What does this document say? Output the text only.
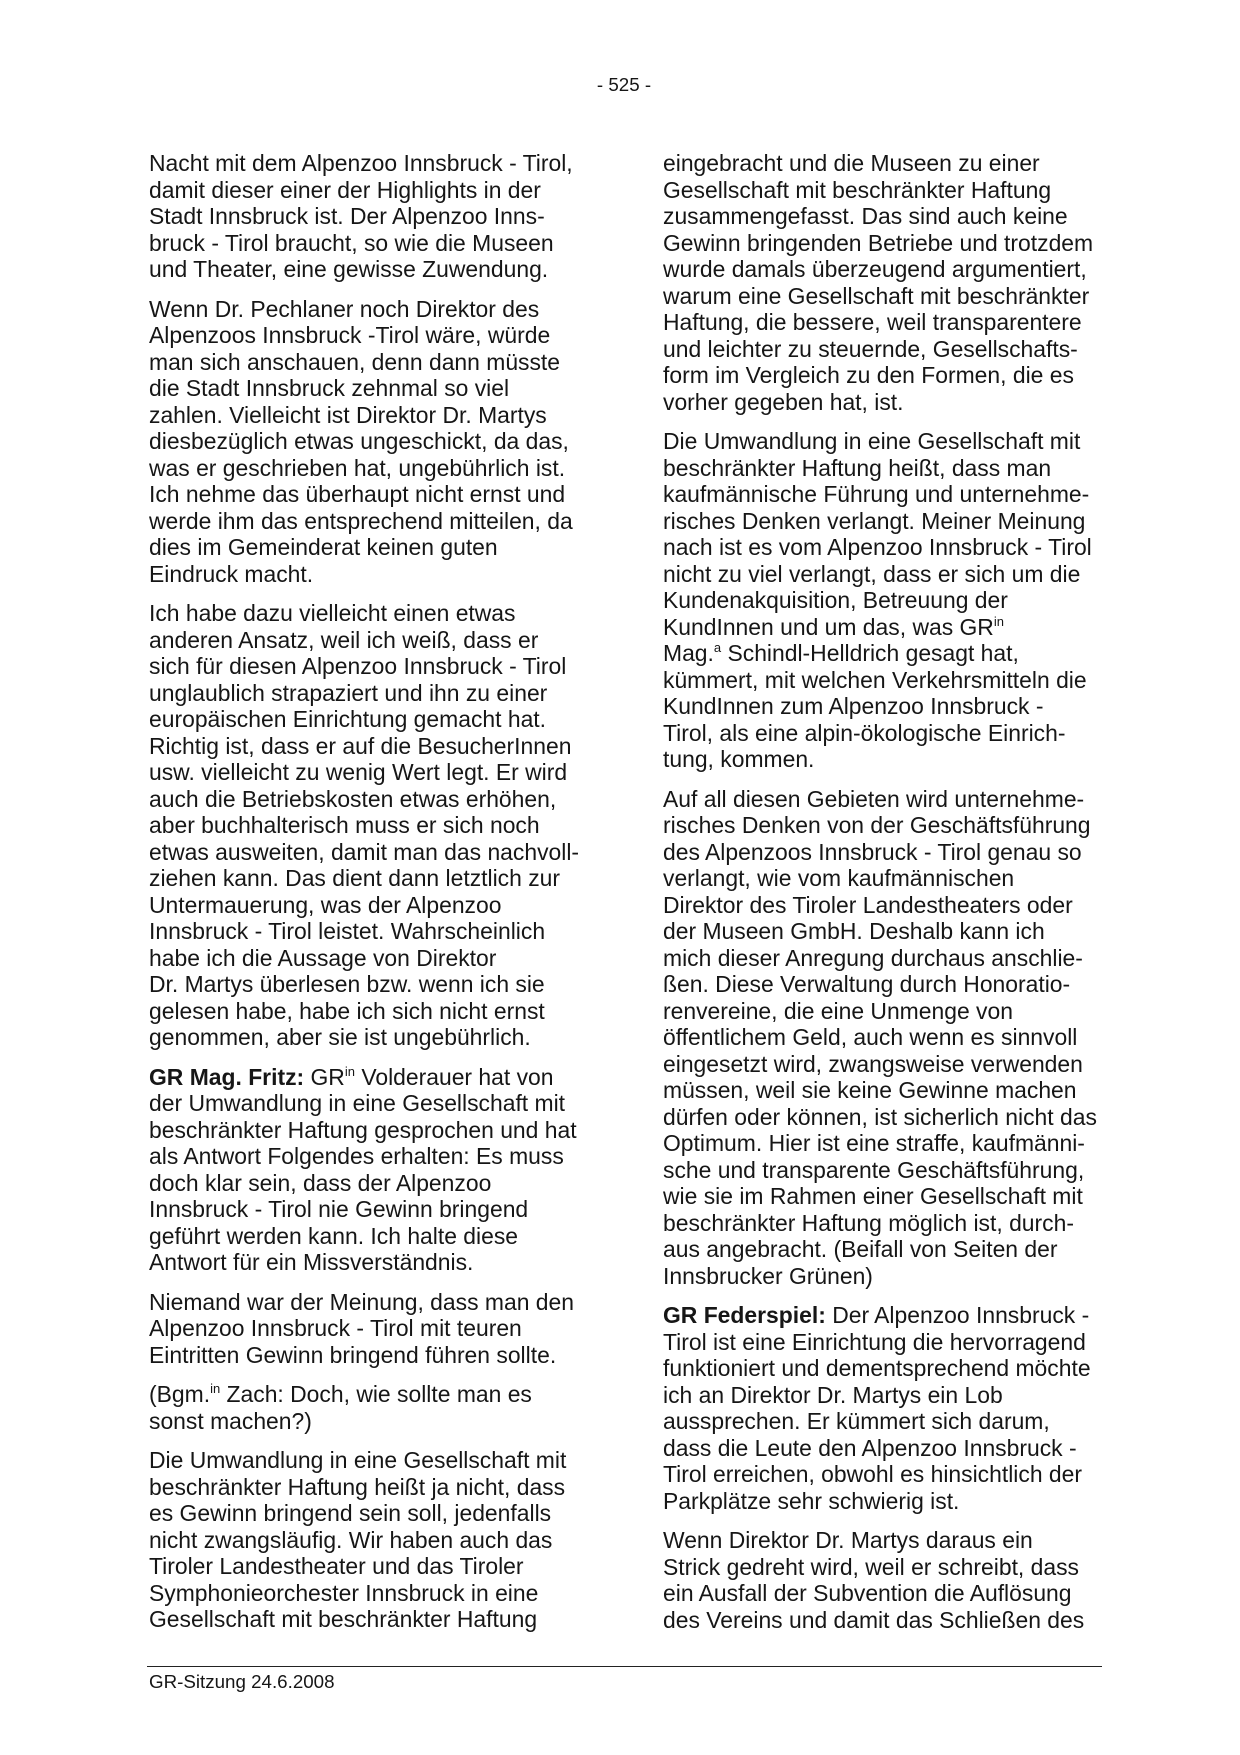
- 525 -

Nacht mit dem Alpenzoo Innsbruck - Tirol,
damit dieser einer der Highlights in der
Stadt Innsbruck ist. Der Alpenzoo Inns-
bruck - Tirol braucht, so wie die Museen
und Theater, eine gewisse Zuwendung.

Wenn Dr. Pechlaner noch Direktor des
Alpenzoos Innsbruck -Tirol wäre, würde
man sich anschauen, denn dann müsste
die Stadt Innsbruck zehnmal so viel
zahlen. Vielleicht ist Direktor Dr. Martys
diesbezüglich etwas ungeschickt, da das,
was er geschrieben hat, ungebührlich ist.
Ich nehme das überhaupt nicht ernst und
werde ihm das entsprechend mitteilen, da
dies im Gemeinderat keinen guten
Eindruck macht.

Ich habe dazu vielleicht einen etwas
anderen Ansatz, weil ich weiß, dass er
sich für diesen Alpenzoo Innsbruck - Tirol
unglaublich strapaziert und ihn zu einer
europäischen Einrichtung gemacht hat.
Richtig ist, dass er auf die BesucherInnen
usw. vielleicht zu wenig Wert legt. Er wird
auch die Betriebskosten etwas erhöhen,
aber buchhalterisch muss er sich noch
etwas ausweiten, damit man das nachvoll-
ziehen kann. Das dient dann letztlich zur
Untermauerung, was der Alpenzoo
Innsbruck - Tirol leistet. Wahrscheinlich
habe ich die Aussage von Direktor
Dr. Martys überlesen bzw. wenn ich sie
gelesen habe, habe ich sich nicht ernst
genommen, aber sie ist ungebührlich.

GR Mag. Fritz: $GR^{in}$ Volderauer hat von
der Umwandlung in eine Gesellschaft mit
beschränkter Haftung gesprochen und hat
als Antwort Folgendes erhalten: Es muss
doch klar sein, dass der Alpenzoo
Innsbruck - Tirol nie Gewinn bringend
geführt werden kann. Ich halte diese
Antwort für ein Missverständnis.

Niemand war der Meinung, dass man den
Alpenzoo Innsbruck - Tirol mit teuren
Eintritten Gewinn bringend führen sollte.

(Bgm.$^{in}$ Zach: Doch, wie sollte man es
sonst machen?)

Die Umwandlung in eine Gesellschaft mit
beschränkter Haftung heißt ja nicht, dass
es Gewinn bringend sein soll, jedenfalls
nicht zwangsläufig. Wir haben auch das
Tiroler Landestheater und das Tiroler
Symphonieorchester Innsbruck in eine
Gesellschaft mit beschränkter Haftung

eingebracht und die Museen zu einer
Gesellschaft mit beschränkter Haftung
zusammengefasst. Das sind auch keine
Gewinn bringenden Betriebe und trotzdem
wurde damals überzeugend argumentiert,
warum eine Gesellschaft mit beschränkter
Haftung, die bessere, weil transparentere
und leichter zu steuernde, Gesellschafts-
form im Vergleich zu den Formen, die es
vorher gegeben hat, ist.

Die Umwandlung in eine Gesellschaft mit
beschränkter Haftung heißt, dass man
kaufmännische Führung und unternehme-
risches Denken verlangt. Meiner Meinung
nach ist es vom Alpenzoo Innsbruck - Tirol
nicht zu viel verlangt, dass er sich um die
Kundenakquisition, Betreuung der
KundInnen und um das, was $GR^{in}$
Mag.$^a$ Schindl-Helldrich gesagt hat,
kümmert, mit welchen Verkehrsmitteln die
KundInnen zum Alpenzoo Innsbruck -
Tirol, als eine alpin-ökologische Einrich-
tung, kommen.

Auf all diesen Gebieten wird unternehme-
risches Denken von der Geschäftsführung
des Alpenzoos Innsbruck - Tirol genau so
verlangt, wie vom kaufmännischen
Direktor des Tiroler Landestheaters oder
der Museen GmbH. Deshalb kann ich
mich dieser Anregung durchaus anschlie-
ßen. Diese Verwaltung durch Honoratio-
renvereine, die eine Unmenge von
öffentlichem Geld, auch wenn es sinnvoll
eingesetzt wird, zwangsweise verwenden
müssen, weil sie keine Gewinne machen
dürfen oder können, ist sicherlich nicht das
Optimum. Hier ist eine straffe, kaufmänni-
sche und transparente Geschäftsführung,
wie sie im Rahmen einer Gesellschaft mit
beschränkter Haftung möglich ist, durch-
aus angebracht. (Beifall von Seiten der
Innsbrucker Grünen)

GR Federspiel: Der Alpenzoo Innsbruck -
Tirol ist eine Einrichtung die hervorragend
funktioniert und dementsprechend möchte
ich an Direktor Dr. Martys ein Lob
aussprechen. Er kümmert sich darum,
dass die Leute den Alpenzoo Innsbruck -
Tirol erreichen, obwohl es hinsichtlich der
Parkplätze sehr schwierig ist.

Wenn Direktor Dr. Martys daraus ein
Strick gedreht wird, weil er schreibt, dass
ein Ausfall der Subvention die Auflösung
des Vereins und damit das Schließen des

GR-Sitzung 24.6.2008
